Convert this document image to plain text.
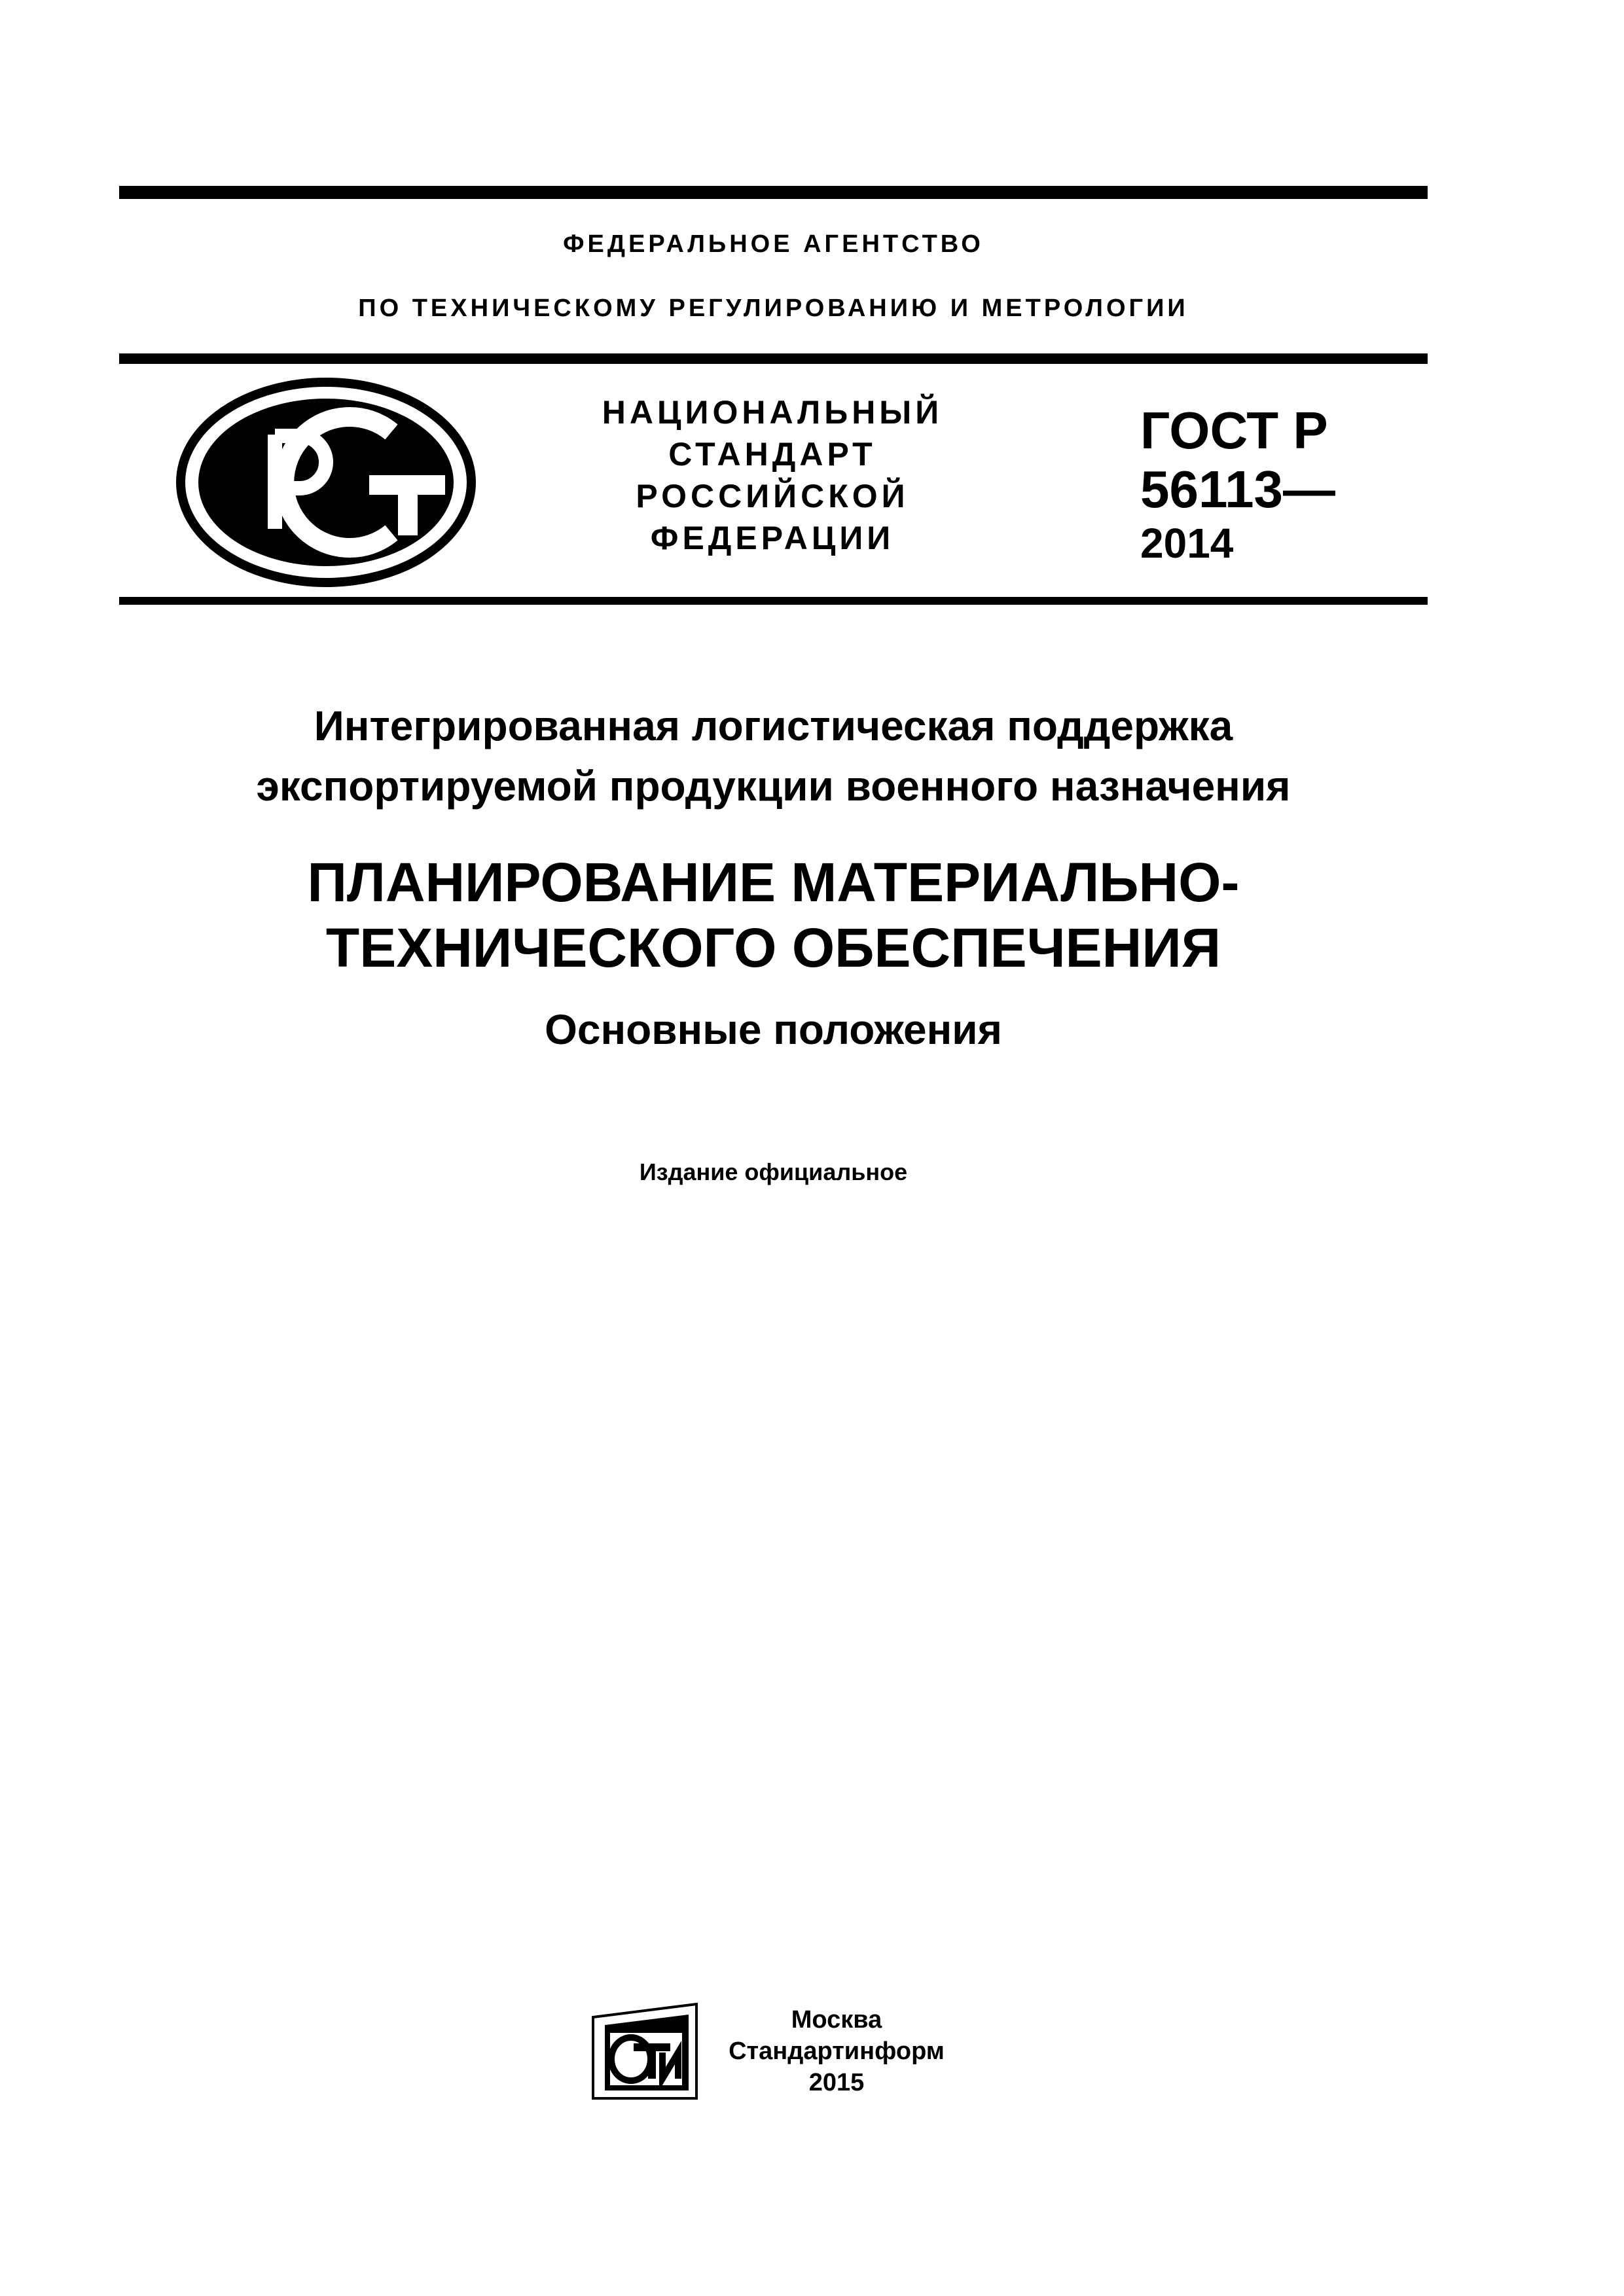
ФЕДЕРАЛЬНОЕ АГЕНТСТВО
ПО ТЕХНИЧЕСКОМУ РЕГУЛИРОВАНИЮ И МЕТРОЛОГИИ
НАЦИОНАЛЬНЫЙ
СТАНДАРТ
РОССИЙСКОЙ
ФЕДЕРАЦИИ
ГОСТ Р
56113—
2014
Интегрированная логистическая поддержка
экспортируемой продукции военного назначения
ПЛАНИРОВАНИЕ МАТЕРИАЛЬНО-
ТЕХНИЧЕСКОГО ОБЕСПЕЧЕНИЯ
Основные положения
Издание официальное
Москва
Стандартинформ
2015
